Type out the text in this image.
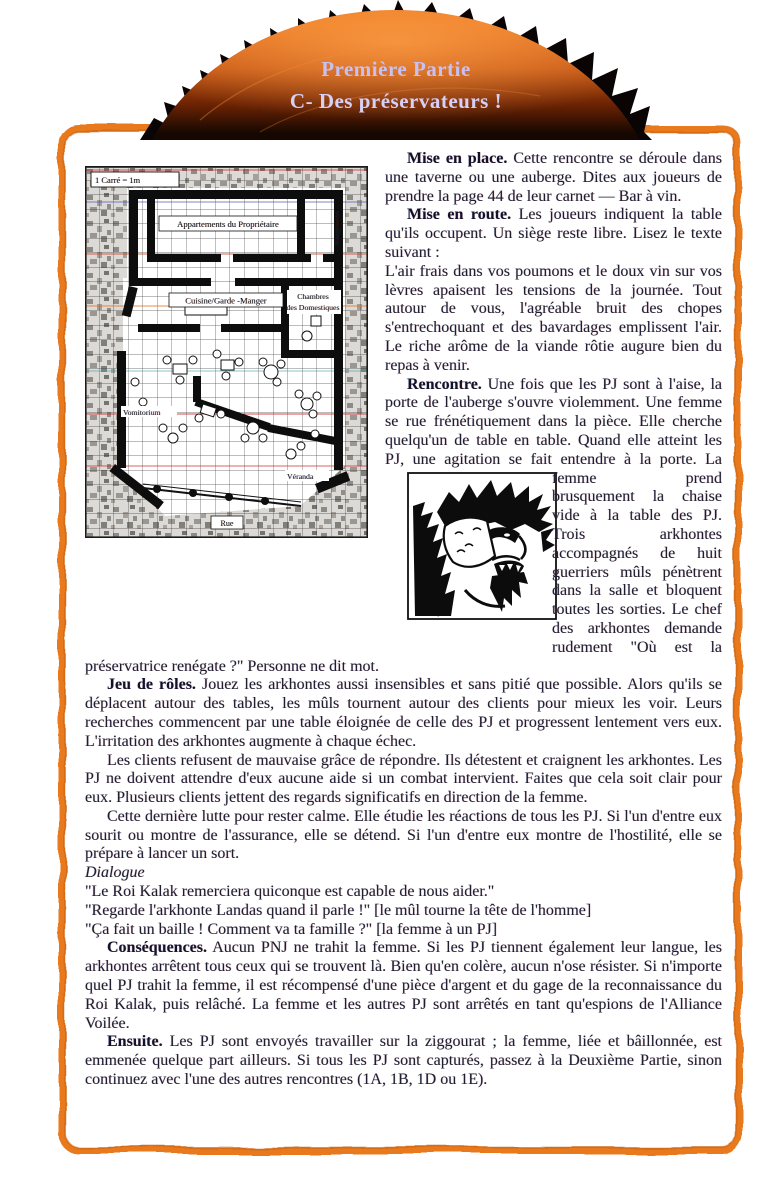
Première Partie
C- Des préservateurs !
1 Carré = 1m
Appartements du Propriétaire	Rangement
Cuisine/Garde -Manger	Chambres
des Domestiques
Vomitorium
Véranda
Rue

Mise en place. Cette rencontre se déroule dans une taverne ou une auberge. Dites aux joueurs de prendre la page 44 de leur carnet — Bar à vin.

Mise en route. Les joueurs indiquent la table qu'ils occupent. Un siège reste libre. Lisez le texte suivant :

L'air frais dans vos poumons et le doux vin sur vos lèvres apaisent les tensions de la journée. Tout autour de vous, l'agréable bruit des chopes s'entrechoquant et des bavardages emplissent l'air. Le riche arôme de la viande rôtie augure bien du repas à venir.

Rencontre. Une fois que les PJ sont à l'aise, la porte de l'auberge s'ouvre violemment. Une femme se rue frénétiquement dans la pièce. Elle cherche quelqu'un de table en table. Quand elle atteint les PJ, une agitation se fait entendre à la porte. La femme
prend brusquement la chaise vide à la table des PJ. Trois arkhontes accompagnés de huit guerriers mûls pénètrent dans la salle et bloquent toutes les sorties. Le chef des arkhontes demande rudement "Où est la préservatrice renégate ?" Personne ne dit mot.

Jeu de rôles. Jouez les arkhontes aussi insensibles et sans pitié que possible. Alors qu'ils se déplacent autour des tables, les mûls tournent autour des clients pour mieux les voir. Leurs recherches commencent par une table éloignée de celle des PJ et progressent lentement vers eux. L'irritation des arkhontes augmente à chaque échec.

Les clients refusent de mauvaise grâce de répondre. Ils détestent et craignent les arkhontes. Les PJ ne doivent attendre d'eux aucune aide si un combat intervient. Faites que cela soit clair pour eux. Plusieurs clients jettent des regards significatifs en direction de la femme.

Cette dernière lutte pour rester calme. Elle étudie les réactions de tous les PJ. Si l'un d'entre eux sourit ou montre de l'assurance, elle se détend. Si l'un d'entre eux montre de l'hostilité, elle se prépare à lancer un sort.

Dialogue

"Le Roi Kalak remerciera quiconque est capable de nous aider."

"Regarde l'arkhonte Landas quand il parle !" [le mûl tourne la tête de l'homme]

"Ça fait un baille ! Comment va ta famille ?" [la femme à un PJ]

Conséquences. Aucun PNJ ne trahit la femme. Si les PJ tiennent également leur langue, les arkhontes arrêtent tous ceux qui se trouvent là. Bien qu'en colère, aucun n'ose résister. Si n'importe quel PJ trahit la femme, il est récompensé d'une pièce d'argent et du gage de la reconnaissance du Roi Kalak, puis relâché. La femme et les autres PJ sont arrêtés en tant qu'espions de l'Alliance Voilée.

Ensuite. Les PJ sont envoyés travailler sur la ziggourat ; la femme, liée et bâillonnée, est emmenée quelque part ailleurs. Si tous les PJ sont capturés, passez à la Deuxième Partie, sinon continuez avec l'une des autres rencontres (1A, 1B, 1D ou 1E).
